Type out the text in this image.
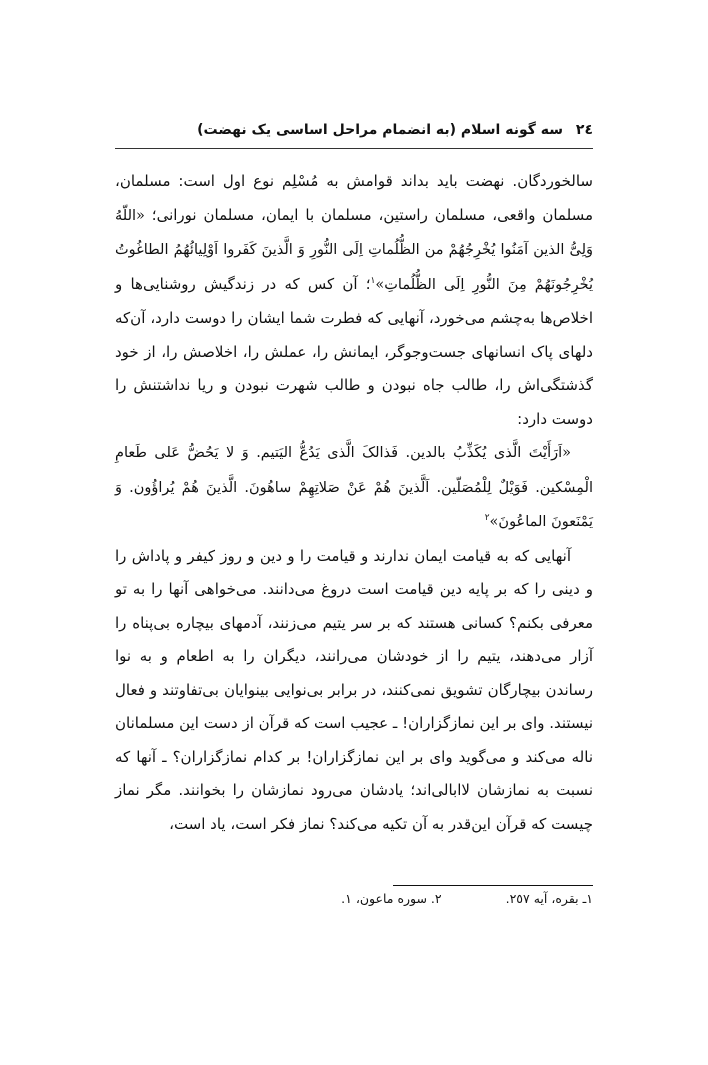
٢٤ سه گونه اسلام (به انضمام مراحل اساسی یک نهضت)

سالخوردگان. نهضت باید بداند قوامش به مُسْلِم نوع اول است: مسلمان، مسلمان واقعی، مسلمان راستین، مسلمان با ایمان، مسلمان نورانی؛ «اللّهُ وَلِیُّ الذین آمَنُوا یُخْرِجُهُمْ من الظُّلُماتِ اِلَی النُّورِ وَ الَّذینَ کَفَروا اَوْلِیائُهُمُ الطاغُوتُ یُخْرِجُونَهُمْ مِنَ النُّورِ اِلَی الظُّلُماتِ»$^١$؛ آن کس که در زندگیش روشنایی‌ها و اخلاص‌ها به‌چشم می‌خورد، آنهایی که فطرت شما ایشان را دوست دارد، آن‌که دلهای پاک انسانهای جست‌وجوگر، ایمانش را، عملش را، اخلاصش را، از خود گذشتگی‌اش را، طالب جاه نبودن و طالب شهرت نبودن و ریا نداشتنش را دوست دارد:

«اَرَأَیْتَ الَّذی یُکَذِّبُ بالدین. فَذالکَ الَّذی یَدُعُّ الیَتیم. وَ لا یَحُضُّ عَلی طَعامِ الْمِسْکین. فَوَیْلٌ لِلْمُصَلّین. اَلَّذینَ هُمْ عَنْ صَلاتِهِمْ ساهُونَ. الَّذینَ هُمْ یُراؤُون. وَ یَمْنَعونَ الماعُونَ»$^٢$

آنهایی که به قیامت ایمان ندارند و قیامت را و دین و روز کیفر و پاداش را و دینی را که بر پایه دین قیامت است دروغ می‌دانند. می‌خواهی آنها را به تو معرفی بکنم؟ کسانی هستند که بر سر یتیم می‌زنند، آدمهای بیچاره بی‌پناه را آزار می‌دهند، یتیم را از خودشان می‌رانند، دیگران را به اطعام و به نوا رساندن بیچارگان تشویق نمی‌کنند، در برابر بی‌نوایی بینوایان بی‌تفاوتند و فعال نیستند. وای بر این نمازگزاران! ـ عجیب است که قرآن از دست این مسلمانان ناله می‌کند و می‌گوید وای بر این نمازگزاران! بر کدام نمازگزاران؟ ـ آنها که نسبت به نمازشان لاابالی‌اند؛ یادشان می‌رود نمازشان را بخوانند. مگر نماز چیست که قرآن این‌قدر به آن تکیه می‌کند؟ نماز فکر است، یاد است،

١ـ بقره، آیه ٢٥٧. ٢. سوره ماعون، ١.
